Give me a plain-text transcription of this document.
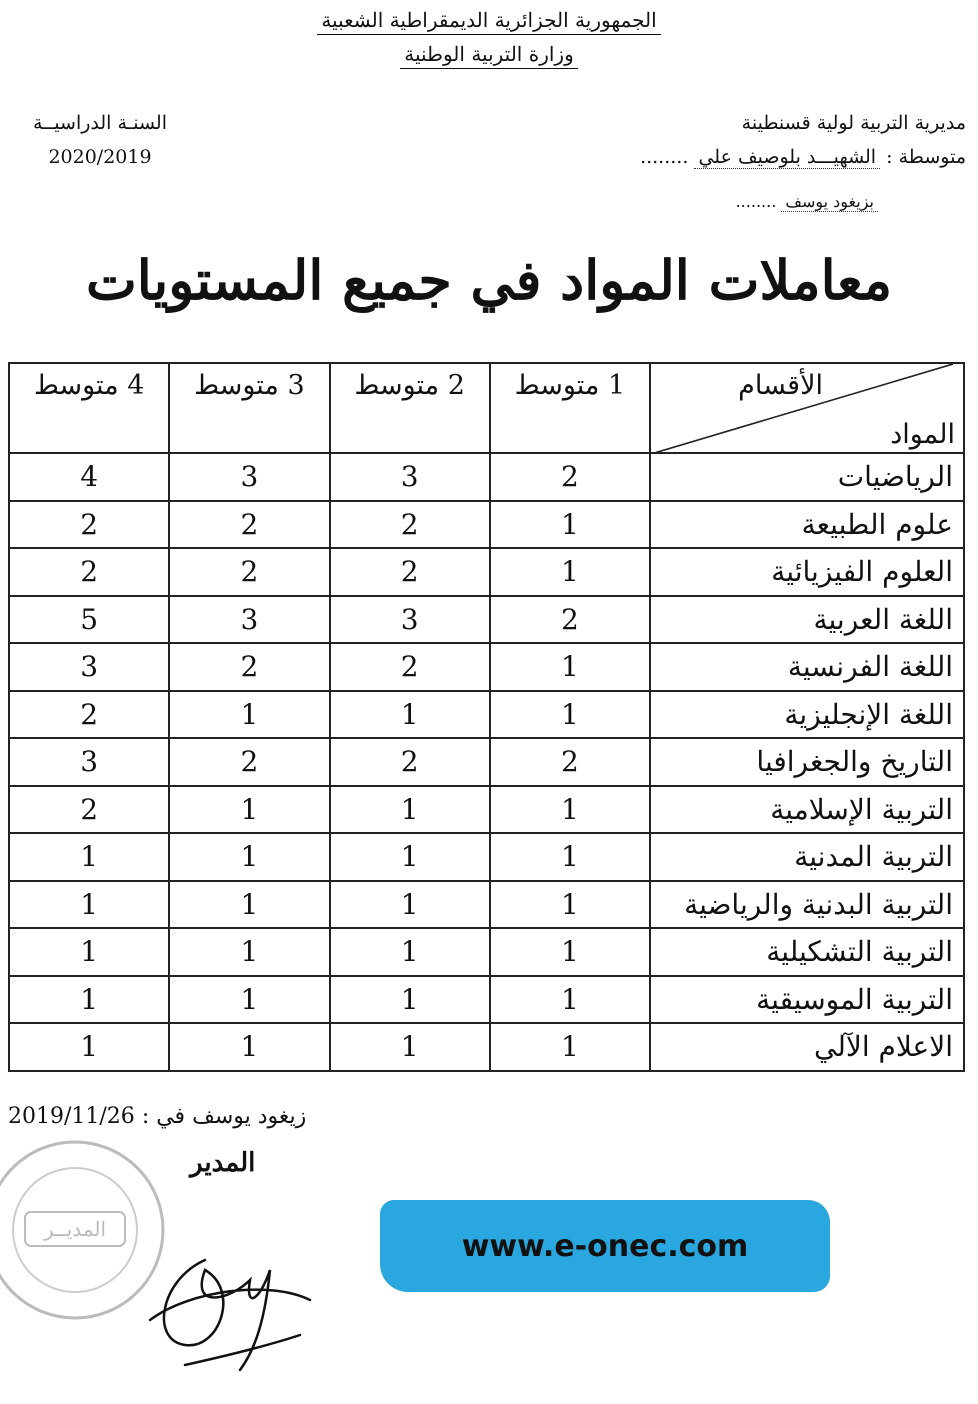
الجمهورية الجزائرية الديمقراطية الشعبية
وزارة التربية الوطنية
السنـة الدراسيــة
2020/2019
مديرية التربية لولية قسنطينة
متوسطة : الشهيـــد بلوصيف علي ........
بزيغود يوسف ........
معاملات المواد في جميع المستويات
الأقسام
المواد	1 متوسط	2 متوسط	3 متوسط	4 متوسط
الرياضيات	2	3	3	4
علوم الطبيعة	1	2	2	2
العلوم الفيزيائية	1	2	2	2
اللغة العربية	2	3	3	5
اللغة الفرنسية	1	2	2	3
اللغة الإنجليزية	1	1	1	2
التاريخ والجغرافيا	2	2	2	3
التربية الإسلامية	1	1	1	2
التربية المدنية	1	1	1	1
التربية البدنية والرياضية	1	1	1	1
التربية التشكيلية	1	1	1	1
التربية الموسيقية	1	1	1	1
الاعلام الآلي	1	1	1	1
زيغود يوسف في : 2019/11/26
المدير
المديــر	www.e-onec.com
